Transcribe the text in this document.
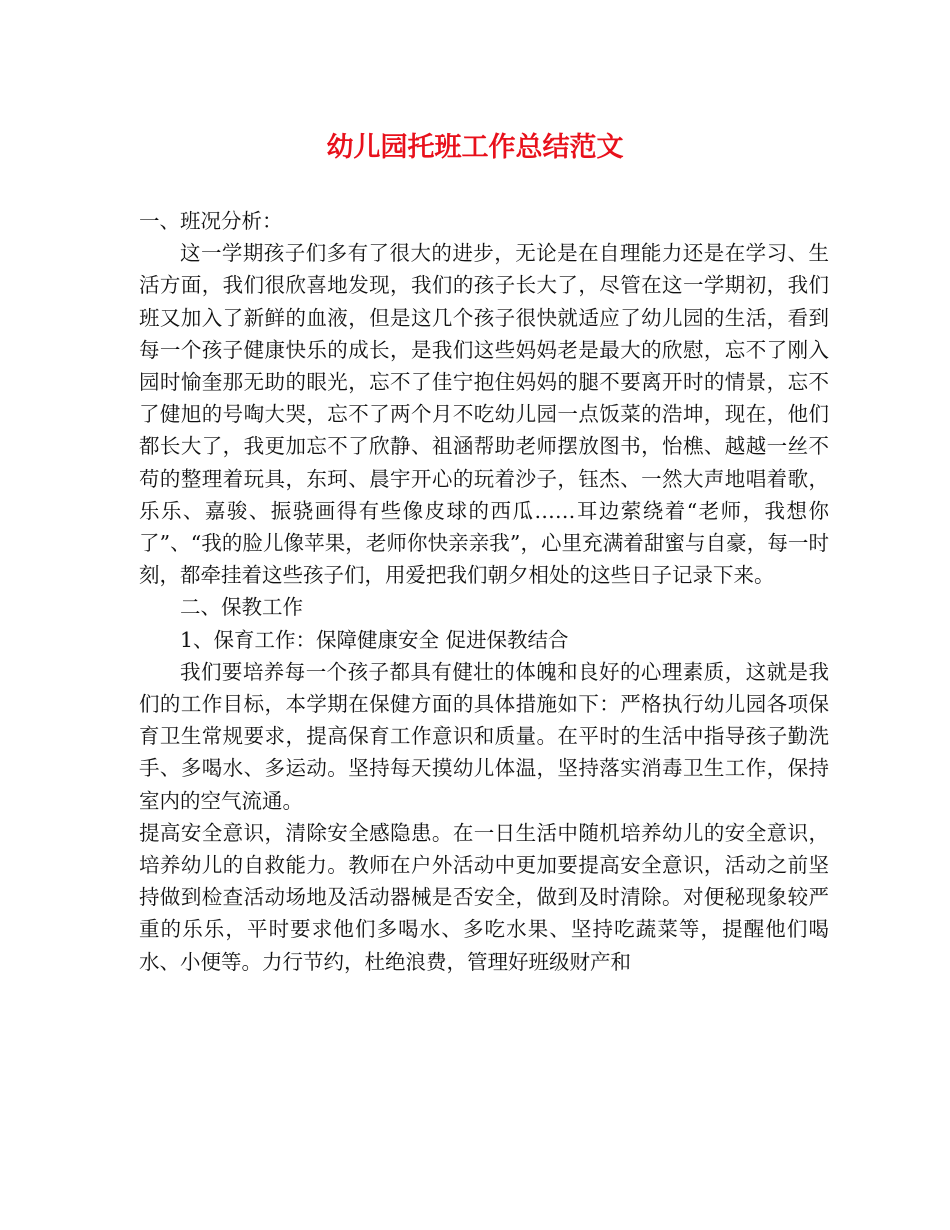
幼儿园托班工作总结范文

一、班况分析：

这一学期孩子们多有了很大的进步，无论是在自理能力还是在学习、生活方面，我们很欣喜地发现，我们的孩子长大了，尽管在这一学期初，我们班又加入了新鲜的血液，但是这几个孩子很快就适应了幼儿园的生活，看到每一个孩子健康快乐的成长，是我们这些妈妈老是最大的欣慰，忘不了刚入园时愉奎那无助的眼光，忘不了佳宁抱住妈妈的腿不要离开时的情景，忘不了健旭的号啕大哭，忘不了两个月不吃幼儿园一点饭菜的浩坤，现在，他们都长大了，我更加忘不了欣静、祖涵帮助老师摆放图书，怡樵、越越一丝不苟的整理着玩具，东珂、晨宇开心的玩着沙子，钰杰、一然大声地唱着歌，乐乐、嘉骏、振骁画得有些像皮球的西瓜……耳边萦绕着“老师，我想你了”、“我的脸儿像苹果，老师你快亲亲我”，心里充满着甜蜜与自豪，每一时刻，都牵挂着这些孩子们，用爱把我们朝夕相处的这些日子记录下来。

二、保教工作

1、保育工作：保障健康安全 促进保教结合

我们要培养每一个孩子都具有健壮的体魄和良好的心理素质，这就是我们的工作目标，本学期在保健方面的具体措施如下：严格执行幼儿园各项保育卫生常规要求，提高保育工作意识和质量。在平时的生活中指导孩子勤洗手、多喝水、多运动。坚持每天摸幼儿体温，坚持落实消毒卫生工作，保持室内的空气流通。

提高安全意识，清除安全感隐患。在一日生活中随机培养幼儿的安全意识，培养幼儿的自救能力。教师在户外活动中更加要提高安全意识，活动之前坚持做到检查活动场地及活动器械是否安全，做到及时清除。对便秘现象较严重的乐乐，平时要求他们多喝水、多吃水果、坚持吃蔬菜等，提醒他们喝水、小便等。力行节约，杜绝浪费，管理好班级财产和
